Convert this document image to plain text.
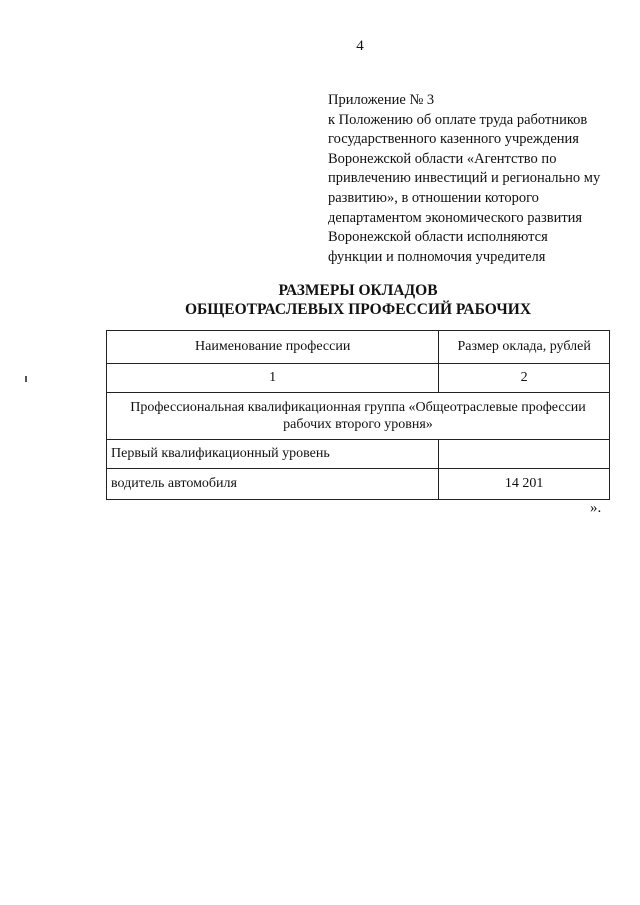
4
Приложение № 3
к Положению об оплате труда работников
государственного казенного учреждения
Воронежской области «Агентство по
привлечению инвестиций и регионально му
развитию», в отношении которого
департаментом экономического развития
Воронежской области исполняются
функции и полномочия учредителя
РАЗМЕРЫ ОКЛАДОВ
ОБЩЕОТРАСЛЕВЫХ ПРОФЕССИЙ РАБОЧИХ
Наименование профессии	Размер оклада, рублей
1	2
Профессиональная квалификационная группа «Общеотраслевые профессии рабочих второго уровня»	
Первый квалификационный уровень	
водитель автомобиля	14 201
».
